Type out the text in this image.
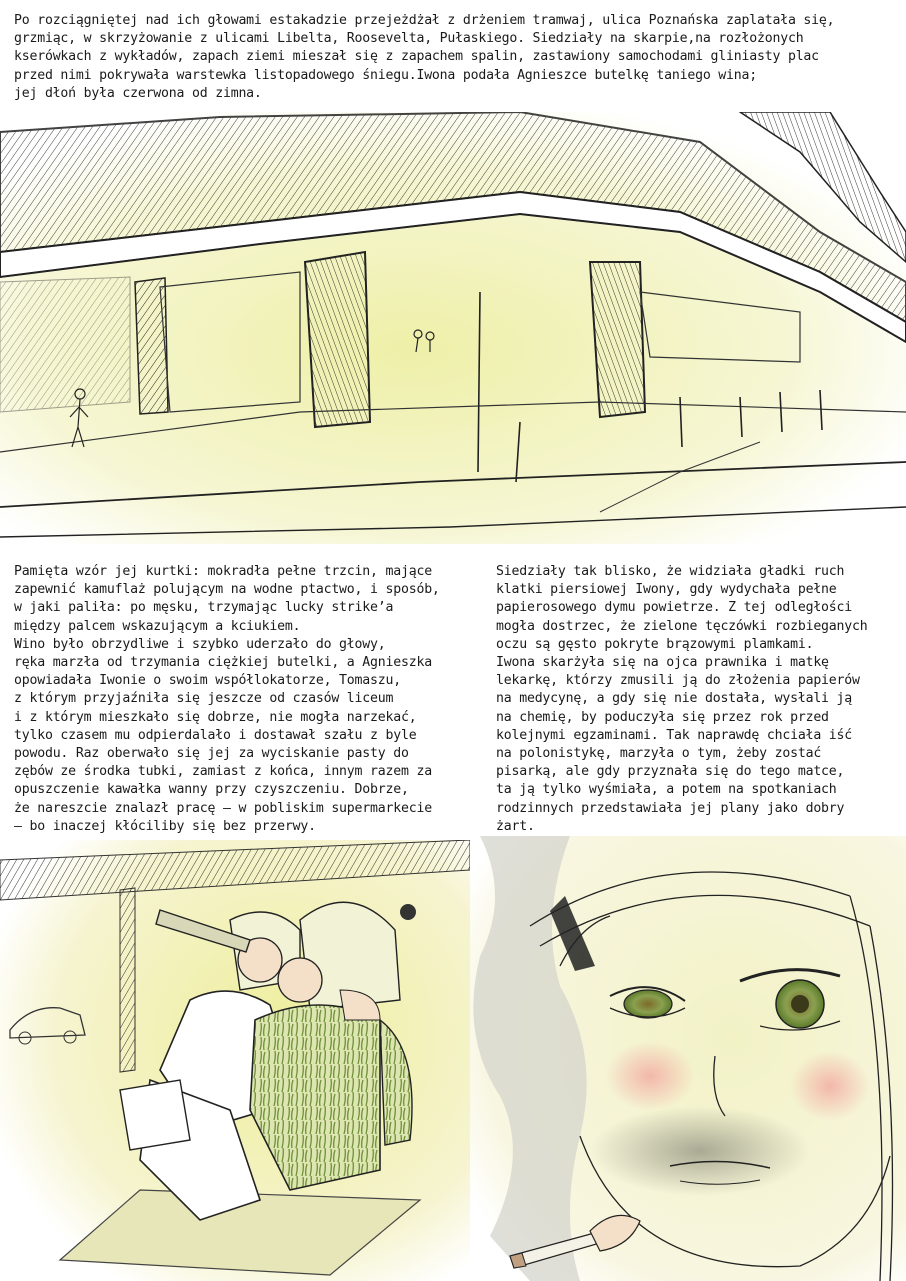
Po rozciągniętej nad ich głowami estakadzie przejeżdżał z drżeniem tramwaj, ulica Poznańska zaplatała się,
grzmiąc, w skrzyżowanie z ulicami Libelta, Roosevelta, Pułaskiego. Siedziały na skarpie,na rozłożonych
kserówkach z wykładów, zapach ziemi mieszał się z zapachem spalin, zastawiony samochodami gliniasty plac
przed nimi pokrywała warstewka listopadowego śniegu.Iwona podała Agnieszce butelkę taniego wina;
jej dłoń była czerwona od zimna.

Pamięta wzór jej kurtki: mokradła pełne trzcin, mające
zapewnić kamuflaż polującym na wodne ptactwo, i sposób,
w jaki paliła: po męsku, trzymając lucky strike’a
między palcem wskazującym a kciukiem.
Wino było obrzydliwe i szybko uderzało do głowy,
ręka marzła od trzymania ciężkiej butelki, a Agnieszka
opowiadała Iwonie o swoim współlokatorze, Tomaszu,
z którym przyjaźniła się jeszcze od czasów liceum
i z którym mieszkało się dobrze, nie mogła narzekać,
tylko czasem mu odpierdalało i dostawał szału z byle
powodu. Raz oberwało się jej za wyciskanie pasty do
zębów ze środka tubki, zamiast z końca, innym razem za
opuszczenie kawałka wanny przy czyszczeniu. Dobrze,
że nareszcie znalazł pracę – w pobliskim supermarkecie
– bo inaczej kłóciliby się bez przerwy.

Siedziały tak blisko, że widziała gładki ruch
klatki piersiowej Iwony, gdy wydychała pełne
papierosowego dymu powietrze. Z tej odległości
mogła dostrzec, że zielone tęczówki rozbieganych
oczu są gęsto pokryte brązowymi plamkami.
Iwona skarżyła się na ojca prawnika i matkę
lekarkę, którzy zmusili ją do złożenia papierów
na medycynę, a gdy się nie dostała, wysłali ją
na chemię, by poduczyła się przez rok przed
kolejnymi egzaminami. Tak naprawdę chciała iść
na polonistykę, marzyła o tym, żeby zostać
pisarką, ale gdy przyznała się do tego matce,
ta ją tylko wyśmiała, a potem na spotkaniach
rodzinnych przedstawiała jej plany jako dobry
żart.
